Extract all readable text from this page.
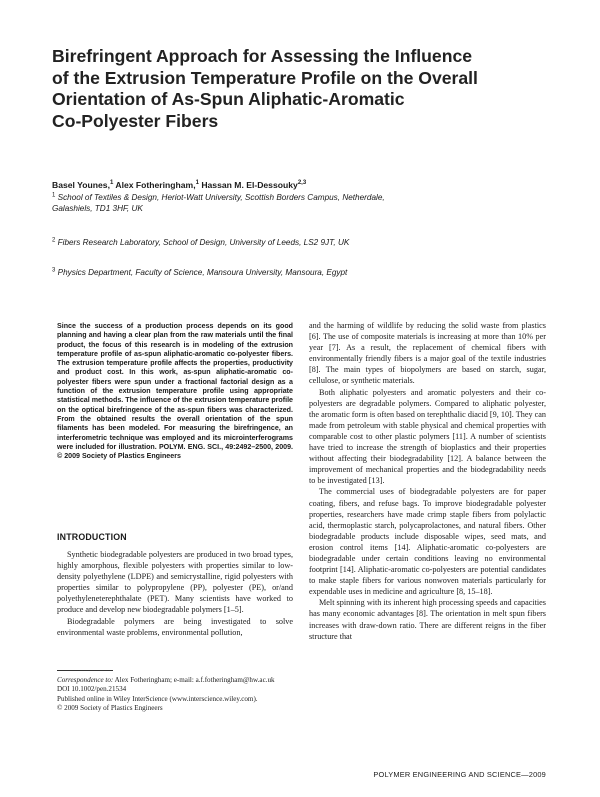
Birefringent Approach for Assessing the Influence
of the Extrusion Temperature Profile on the Overall
Orientation of As-Spun Aliphatic-Aromatic
Co-Polyester Fibers
Basel Younes,$^1$ Alex Fotheringham,$^1$ Hassan M. El-Dessouky$^{2,3}$
$^1$ School of Textiles & Design, Heriot-Watt University, Scottish Borders Campus, Netherdale,
Galashiels, TD1 3HF, UK
$^2$ Fibers Research Laboratory, School of Design, University of Leeds, LS2 9JT, UK
$^3$ Physics Department, Faculty of Science, Mansoura University, Mansoura, Egypt
Since the success of a production process depends on its good planning and having a clear plan from the raw materials until the final product, the focus of this research is in modeling of the extrusion temperature profile of as-spun aliphatic-aromatic co-polyester fibers. The extrusion temperature profile affects the properties, productivity and product cost. In this work, as-spun aliphatic-aromatic co-polyester fibers were spun under a fractional factorial design as a function of the extrusion temperature profile using appropriate statistical methods. The influence of the extrusion temperature profile on the optical birefringence of the as-spun fibers was characterized. From the obtained results the overall orientation of the spun filaments has been modeled. For measuring the birefringence, an interferometric technique was employed and its microinterferograms were included for illustration. POLYM. ENG. SCI., 49:2492–2500, 2009. © 2009 Society of Plastics Engineers
INTRODUCTION

Synthetic biodegradable polyesters are produced in two broad types, highly amorphous, flexible polyesters with properties similar to low-density polyethylene (LDPE) and semicrystalline, rigid polyesters with properties similar to polypropylene (PP), polyester (PE), or/and polyethyleneterephthalate (PET). Many scientists have worked to produce and develop new biodegradable polymers [1–5].

Biodegradable polymers are being investigated to solve environmental waste problems, environmental pollution,

Correspondence to: Alex Fotheringham; e-mail: a.f.fotheringham@hw.ac.uk
DOI 10.1002/pen.21534
Published online in Wiley InterScience (www.interscience.wiley.com).
© 2009 Society of Plastics Engineers

and the harming of wildlife by reducing the solid waste from plastics [6]. The use of composite materials is increasing at more than 10% per year [7]. As a result, the replacement of chemical fibers with environmentally friendly fibers is a major goal of the textile industries [8]. The main types of biopolymers are based on starch, sugar, cellulose, or synthetic materials.

Both aliphatic polyesters and aromatic polyesters and their co-polyesters are degradable polymers. Compared to aliphatic polyester, the aromatic form is often based on terephthalic diacid [9, 10]. They can made from petroleum with stable physical and chemical properties with comparable cost to other plastic polymers [11]. A number of scientists have tried to increase the strength of bioplastics and their properties without affecting their biodegradability [12]. A balance between the improvement of mechanical properties and the biodegradability needs to be investigated [13].

The commercial uses of biodegradable polyesters are for paper coating, fibers, and refuse bags. To improve biodegradable polyester properties, researchers have made crimp staple fibers from polylactic acid, thermoplastic starch, polycaprolactones, and natural fibers. Other biodegradable products include disposable wipes, seed mats, and erosion control items [14]. Aliphatic-aromatic co-polyesters are biodegradable under certain conditions leaving no environmental footprint [14]. Aliphatic-aromatic co-polyesters are potential candidates to make staple fibers for various nonwoven materials particularly for expendable uses in medicine and agriculture [8, 15–18].

Melt spinning with its inherent high processing speeds and capacities has many economic advantages [8]. The orientation in melt spun fibers increases with draw-down ratio. There are different reigns in the fiber structure that

POLYMER ENGINEERING AND SCIENCE—2009
